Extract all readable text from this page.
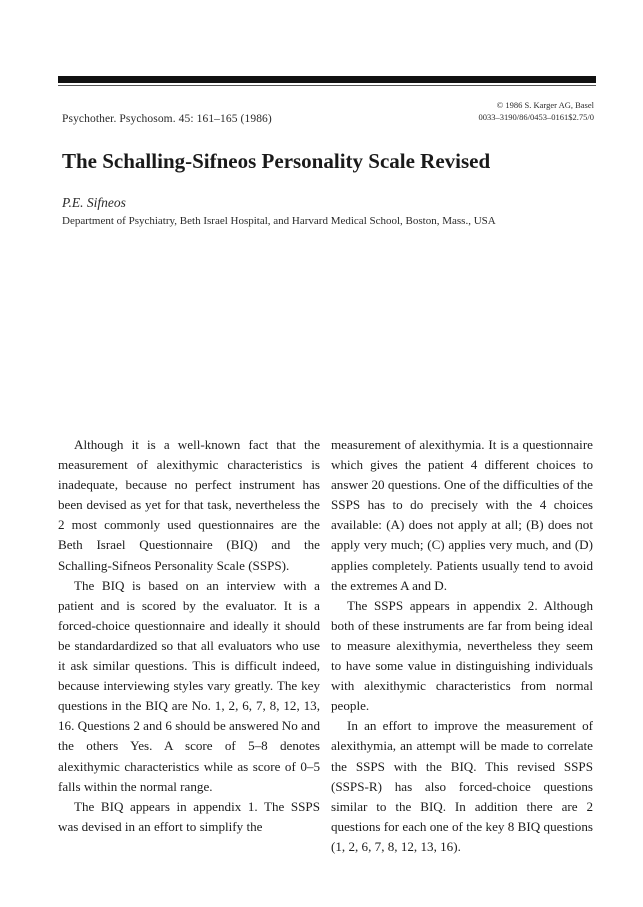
Psychother. Psychosom. 45: 161–165 (1986)
© 1986 S. Karger AG, Basel
0033–3190/86/0453–0161$2.75/0
The Schalling-Sifneos Personality Scale Revised
P.E. Sifneos
Department of Psychiatry, Beth Israel Hospital, and Harvard Medical School, Boston, Mass., USA

Although it is a well-known fact that the measurement of alexithymic characteristics is inadequate, because no perfect instrument has been devised as yet for that task, nevertheless the 2 most commonly used questionnaires are the Beth Israel Questionnaire (BIQ) and the Schalling-Sifneos Personality Scale (SSPS).

The BIQ is based on an interview with a patient and is scored by the evaluator. It is a forced-choice questionnaire and ideally it should be standardardized so that all evaluators who use it ask similar questions. This is difficult indeed, because interviewing styles vary greatly. The key questions in the BIQ are No. 1, 2, 6, 7, 8, 12, 13, 16. Questions 2 and 6 should be answered No and the others Yes. A score of 5–8 denotes alexithymic characteristics while as score of 0–5 falls within the normal range.

The BIQ appears in appendix 1. The SSPS was devised in an effort to simplify the

measurement of alexithymia. It is a questionnaire which gives the patient 4 different choices to answer 20 questions. One of the difficulties of the SSPS has to do precisely with the 4 choices available: (A) does not apply at all; (B) does not apply very much; (C) applies very much, and (D) applies completely. Patients usually tend to avoid the extremes A and D.

The SSPS appears in appendix 2. Although both of these instruments are far from being ideal to measure alexithymia, nevertheless they seem to have some value in distinguishing individuals with alexithymic characteristics from normal people.

In an effort to improve the measurement of alexithymia, an attempt will be made to correlate the SSPS with the BIQ. This revised SSPS (SSPS-R) has also forced-choice questions similar to the BIQ. In addition there are 2 questions for each one of the key 8 BIQ questions (1, 2, 6, 7, 8, 12, 13, 16).
